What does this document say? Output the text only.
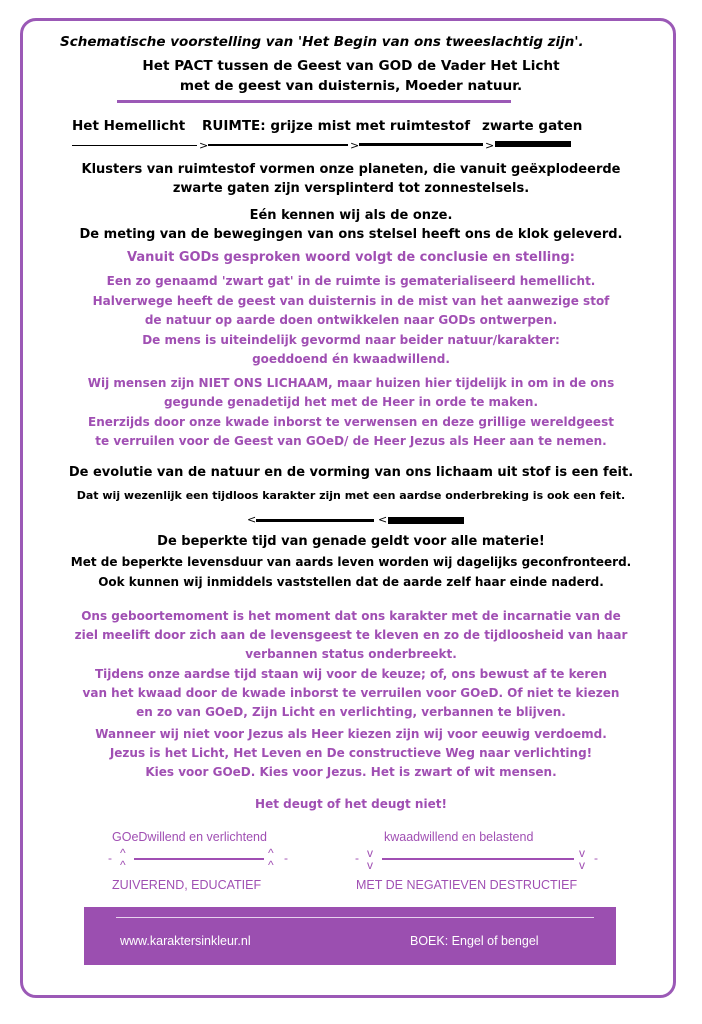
Schematische voorstelling van 'Het Begin van ons tweeslachtig zijn'.
Het PACT tussen de Geest van GOD de Vader Het Licht
met de geest van duisternis, Moeder natuur.
Het Hemellicht RUIMTE: grijze mist met ruimtestof zwarte gaten
>	>	>
Klusters van ruimtestof vormen onze planeten, die vanuit geëxplodeerde
zwarte gaten zijn versplinterd tot zonnestelsels.
Eén kennen wij als de onze.
De meting van de bewegingen van ons stelsel heeft ons de klok geleverd.
Vanuit GODs gesproken woord volgt de conclusie en stelling:
Een zo genaamd 'zwart gat' in de ruimte is gematerialiseerd hemellicht.
Halverwege heeft de geest van duisternis in de mist van het aanwezige stof
de natuur op aarde doen ontwikkelen naar GODs ontwerpen.
De mens is uiteindelijk gevormd naar beider natuur/karakter:
goeddoend én kwaadwillend.
Wij mensen zijn NIET ONS LICHAAM, maar huizen hier tijdelijk in om in de ons
gegunde genadetijd het met de Heer in orde te maken.
Enerzijds door onze kwade inborst te verwensen en deze grillige wereldgeest
te verruilen voor de Geest van GOeD/ de Heer Jezus als Heer aan te nemen.
De evolutie van de natuur en de vorming van ons lichaam uit stof is een feit.
Dat wij wezenlijk een tijdloos karakter zijn met een aardse onderbreking is ook een feit.
<	<
De beperkte tijd van genade geldt voor alle materie!
Met de beperkte levensduur van aards leven worden wij dagelijks geconfronteerd.
Ook kunnen wij inmiddels vaststellen dat de aarde zelf haar einde naderd.
Ons geboortemoment is het moment dat ons karakter met de incarnatie van de
ziel meelift door zich aan de levensgeest te kleven en zo de tijdloosheid van haar
verbannen status onderbreekt.
Tijdens onze aardse tijd staan wij voor de keuze; of, ons bewust af te keren
van het kwaad door de kwade inborst te verruilen voor GOeD. Of niet te kiezen
en zo van GOeD, Zijn Licht en verlichting, verbannen te blijven.
Wanneer wij niet voor Jezus als Heer kiezen zijn wij voor eeuwig verdoemd.
Jezus is het Licht, Het Leven en De constructieve Weg naar verlichting!
Kies voor GOeD. Kies voor Jezus. Het is zwart of wit mensen.
Het deugt of het deugt niet!
GOeDwillend en verlichtend
- ^
^
^
^ -
ZUIVEREND, EDUCATIEF
kwaadwillend en belastend
- v
v
v
v -
MET DE NEGATIEVEN DESTRUCTIEF
www.karaktersinkleur.nl	BOEK: Engel of bengel
